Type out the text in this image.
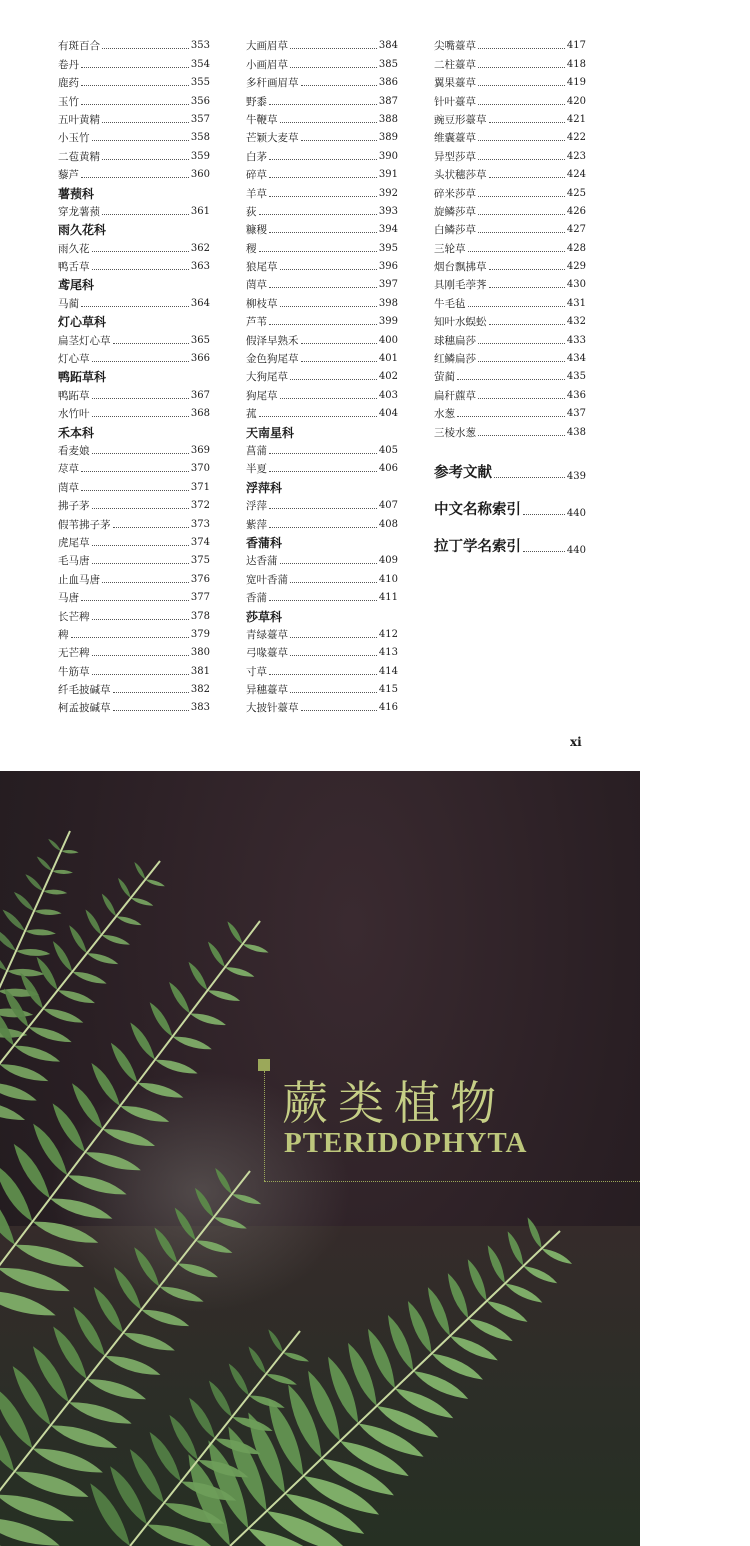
有斑百合	353
卷丹	354
鹿药	355
玉竹	356
五叶黄精	357
小玉竹	358
二苞黄精	359
藜芦	360
薯蓣科
穿龙薯蓣	361
雨久花科
雨久花	362
鸭舌草	363
鸢尾科
马蔺	364
灯心草科
扁茎灯心草	365
灯心草	366
鸭跖草科
鸭跖草	367
水竹叶	368
禾本科
看麦娘	369
荩草	370
菵草	371
拂子茅	372
假苇拂子茅	373
虎尾草	374
毛马唐	375
止血马唐	376
马唐	377
长芒稗	378
稗	379
无芒稗	380
牛筋草	381
纤毛披碱草	382
柯孟披碱草	383
大画眉草	384
小画眉草	385
多秆画眉草	386
野黍	387
牛鞭草	388
芒颖大麦草	389
白茅	390
碎草	391
羊草	392
荻	393
糠稷	394
稷	395
狼尾草	396
菵草	397
柳枝草	398
芦苇	399
假泽早熟禾	400
金色狗尾草	401
大狗尾草	402
狗尾草	403
菰	404
天南星科
菖蒲	405
半夏	406
浮萍科
浮萍	407
紫萍	408
香蒲科
达香蒲	409
宽叶香蒲	410
香蒲	411
莎草科
青绿薹草	412
弓喙薹草	413
寸草	414
异穗薹草	415
大披针薹草	416
尖嘴薹草	417
二柱薹草	418
翼果薹草	419
针叶薹草	420
豌豆形薹草	421
维囊薹草	422
异型莎草	423
头状穗莎草	424
碎米莎草	425
旋鳞莎草	426
白鳞莎草	427
三轮草	428
烟台飘拂草	429
具刚毛荸荠	430
牛毛毡	431
知叶水蜈蚣	432
球穗扁莎	433
红鳞扁莎	434
萤蔺	435
扁秆藨草	436
水葱	437
三棱水葱	438
参考文献	439
中文名称索引	440
拉丁学名索引	440
xi
蕨类植物
PTERIDOPHYTA
